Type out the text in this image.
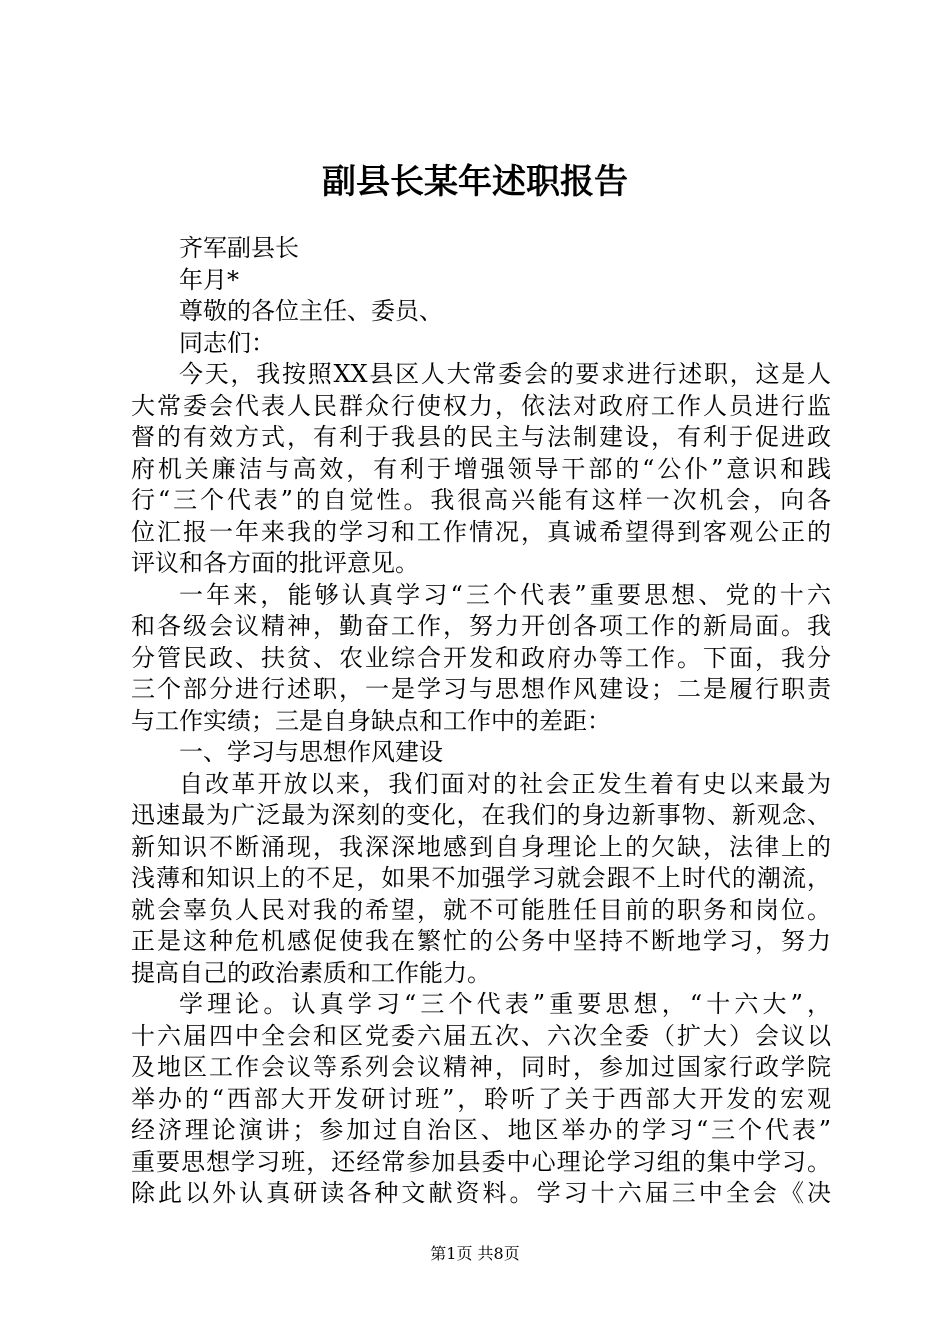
副县长某年述职报告
齐军副县长
年月*
尊敬的各位主任、委员、
同志们：
今天，我按照XX县区人大常委会的要求进行述职，这是人
大常委会代表人民群众行使权力，依法对政府工作人员进行监
督的有效方式，有利于我县的民主与法制建设，有利于促进政
府机关廉洁与高效，有利于增强领导干部的“公仆”意识和践
行“三个代表”的自觉性。我很高兴能有这样一次机会，向各
位汇报一年来我的学习和工作情况，真诚希望得到客观公正的
评议和各方面的批评意见。
一年来，能够认真学习“三个代表”重要思想、党的十六
和各级会议精神，勤奋工作，努力开创各项工作的新局面。我
分管民政、扶贫、农业综合开发和政府办等工作。下面，我分
三个部分进行述职，一是学习与思想作风建设；二是履行职责
与工作实绩；三是自身缺点和工作中的差距：
一、学习与思想作风建设
自改革开放以来，我们面对的社会正发生着有史以来最为
迅速最为广泛最为深刻的变化，在我们的身边新事物、新观念、
新知识不断涌现，我深深地感到自身理论上的欠缺，法律上的
浅薄和知识上的不足，如果不加强学习就会跟不上时代的潮流，
就会辜负人民对我的希望，就不可能胜任目前的职务和岗位。
正是这种危机感促使我在繁忙的公务中坚持不断地学习，努力
提高自己的政治素质和工作能力。
学理论。认真学习“三个代表”重要思想，“十六大”，
十六届四中全会和区党委六届五次、六次全委（扩大）会议以
及地区工作会议等系列会议精神，同时，参加过国家行政学院
举办的“西部大开发研讨班”，聆听了关于西部大开发的宏观
经济理论演讲；参加过自治区、地区举办的学习“三个代表”
重要思想学习班，还经常参加县委中心理论学习组的集中学习。
除此以外认真研读各种文献资料。学习十六届三中全会《决
第1页 共8页
